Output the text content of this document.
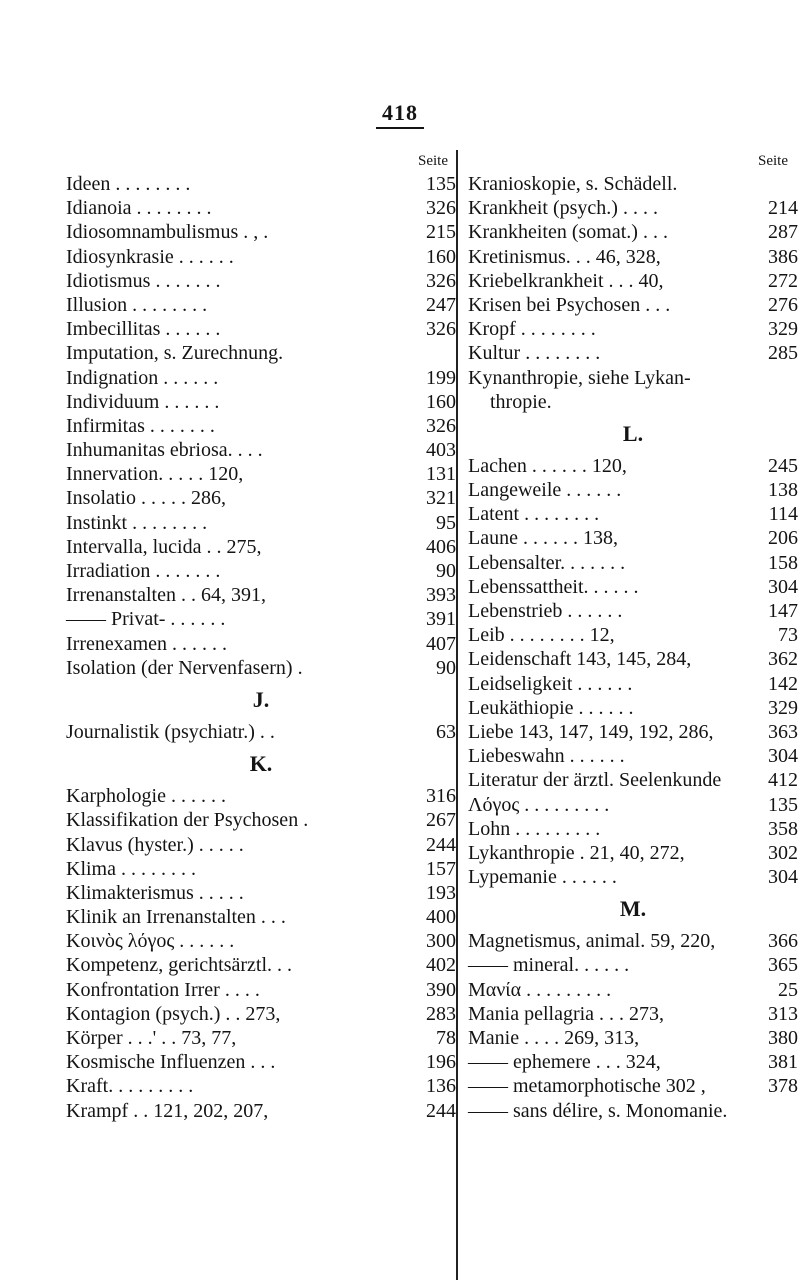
418
Seite
Ideen . . . . . . . .	135
Idianoia . . . . . . . .	326
Idiosomnambulismus . , .	215
Idiosynkrasie . . . . . .	160
Idiotismus . . . . . . .	326
Illusion . . . . . . . .	247
Imbecillitas . . . . . .	326
Imputation, s. Zurechnung.
Indignation . . . . . .	199
Individuum . . . . . .	160
Infirmitas . . . . . . .	326
Inhumanitas ebriosa. . . .	403
Innervation. . . . . 120,	131
Insolatio . . . . . 286,	321
Instinkt . . . . . . . .	95
Intervalla, lucida . . 275,	406
Irradiation . . . . . . .	90
Irrenanstalten . . 64, 391,	393
—— Privat- . . . . . .	391
Irrenexamen . . . . . .	407
Isolation (der Nervenfasern) .	90
J.
Journalistik (psychiatr.) . .	63
K.
Karphologie . . . . . .	316
Klassifikation der Psychosen .	267
Klavus (hyster.) . . . . .	244
Klima . . . . . . . .	157
Klimakterismus . . . . .	193
Klinik an Irrenanstalten . . .	400
Κοινὸς λόγος . . . . . .	300
Kompetenz, gerichtsärztl. . .	402
Konfrontation Irrer . . . .	390
Kontagion (psych.) . . 273,	283
Körper . . .' . . 73, 77,	78
Kosmische Influenzen . . .	196
Kraft. . . . . . . . .	136
Krampf . . 121, 202, 207,	244
Seite
Kranioskopie, s. Schädell.
Krankheit (psych.) . . . .	214
Krankheiten (somat.) . . .	287
Kretinismus. . . 46, 328,	386
Kriebelkrankheit . . . 40,	272
Krisen bei Psychosen . . .	276
Kropf . . . . . . . .	329
Kultur . . . . . . . .	285
Kynanthropie, siehe Lykan-
thropie.
L.
Lachen . . . . . . 120,	245
Langeweile . . . . . .	138
Latent . . . . . . . .	114
Laune . . . . . . 138,	206
Lebensalter. . . . . . .	158
Lebenssattheit. . . . . .	304
Lebenstrieb . . . . . .	147
Leib . . . . . . . . 12,	73
Leidenschaft 143, 145, 284,	362
Leidseligkeit . . . . . .	142
Leukäthiopie . . . . . .	329
Liebe 143, 147, 149, 192, 286,	363
Liebeswahn . . . . . .	304
Literatur der ärztl. Seelenkunde 412
Λόγος . . . . . . . . .	135
Lohn . . . . . . . . .	358
Lykanthropie . 21, 40, 272,	302
Lypemanie . . . . . .	304
M.
Magnetismus, animal. 59, 220,	366
—— mineral. . . . . .	365
Μανία . . . . . . . . .	25
Mania pellagria . . . 273,	313
Manie . . . . 269, 313,	380
—— ephemere . . . 324,	381
—— metamorphotische 302 ,	378
—— sans délire, s. Monomanie.
